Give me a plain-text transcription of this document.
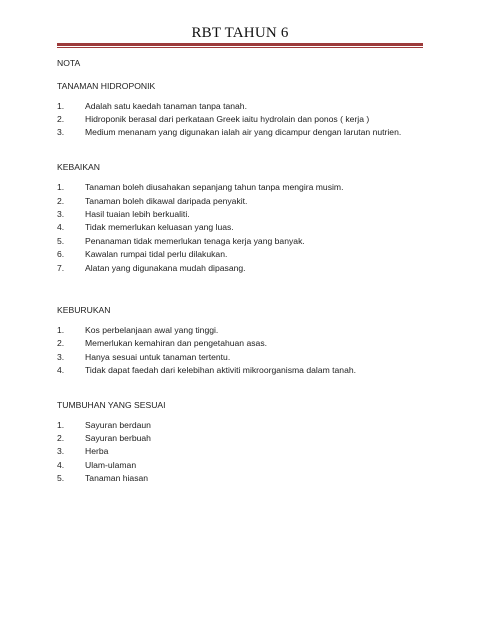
RBT TAHUN 6
NOTA
TANAMAN HIDROPONIK
1. Adalah satu kaedah tanaman tanpa tanah.
2. Hidroponik berasal dari perkataan Greek iaitu hydrolain dan ponos ( kerja )
3. Medium menanam yang digunakan ialah air yang dicampur dengan larutan nutrien.
KEBAIKAN
1. Tanaman boleh diusahakan sepanjang tahun tanpa mengira musim.
2. Tanaman boleh dikawal daripada penyakit.
3. Hasil tuaian lebih berkualiti.
4. Tidak memerlukan keluasan yang luas.
5. Penanaman tidak memerlukan tenaga kerja yang banyak.
6. Kawalan rumpai tidal perlu dilakukan.
7. Alatan yang digunakana mudah dipasang.
KEBURUKAN
1. Kos perbelanjaan awal yang tinggi.
2. Memerlukan kemahiran dan pengetahuan asas.
3. Hanya sesuai untuk tanaman tertentu.
4. Tidak dapat faedah dari kelebihan aktiviti mikroorganisma dalam tanah.
TUMBUHAN YANG SESUAI
1. Sayuran berdaun
2. Sayuran berbuah
3. Herba
4. Ulam-ulaman
5. Tanaman hiasan
